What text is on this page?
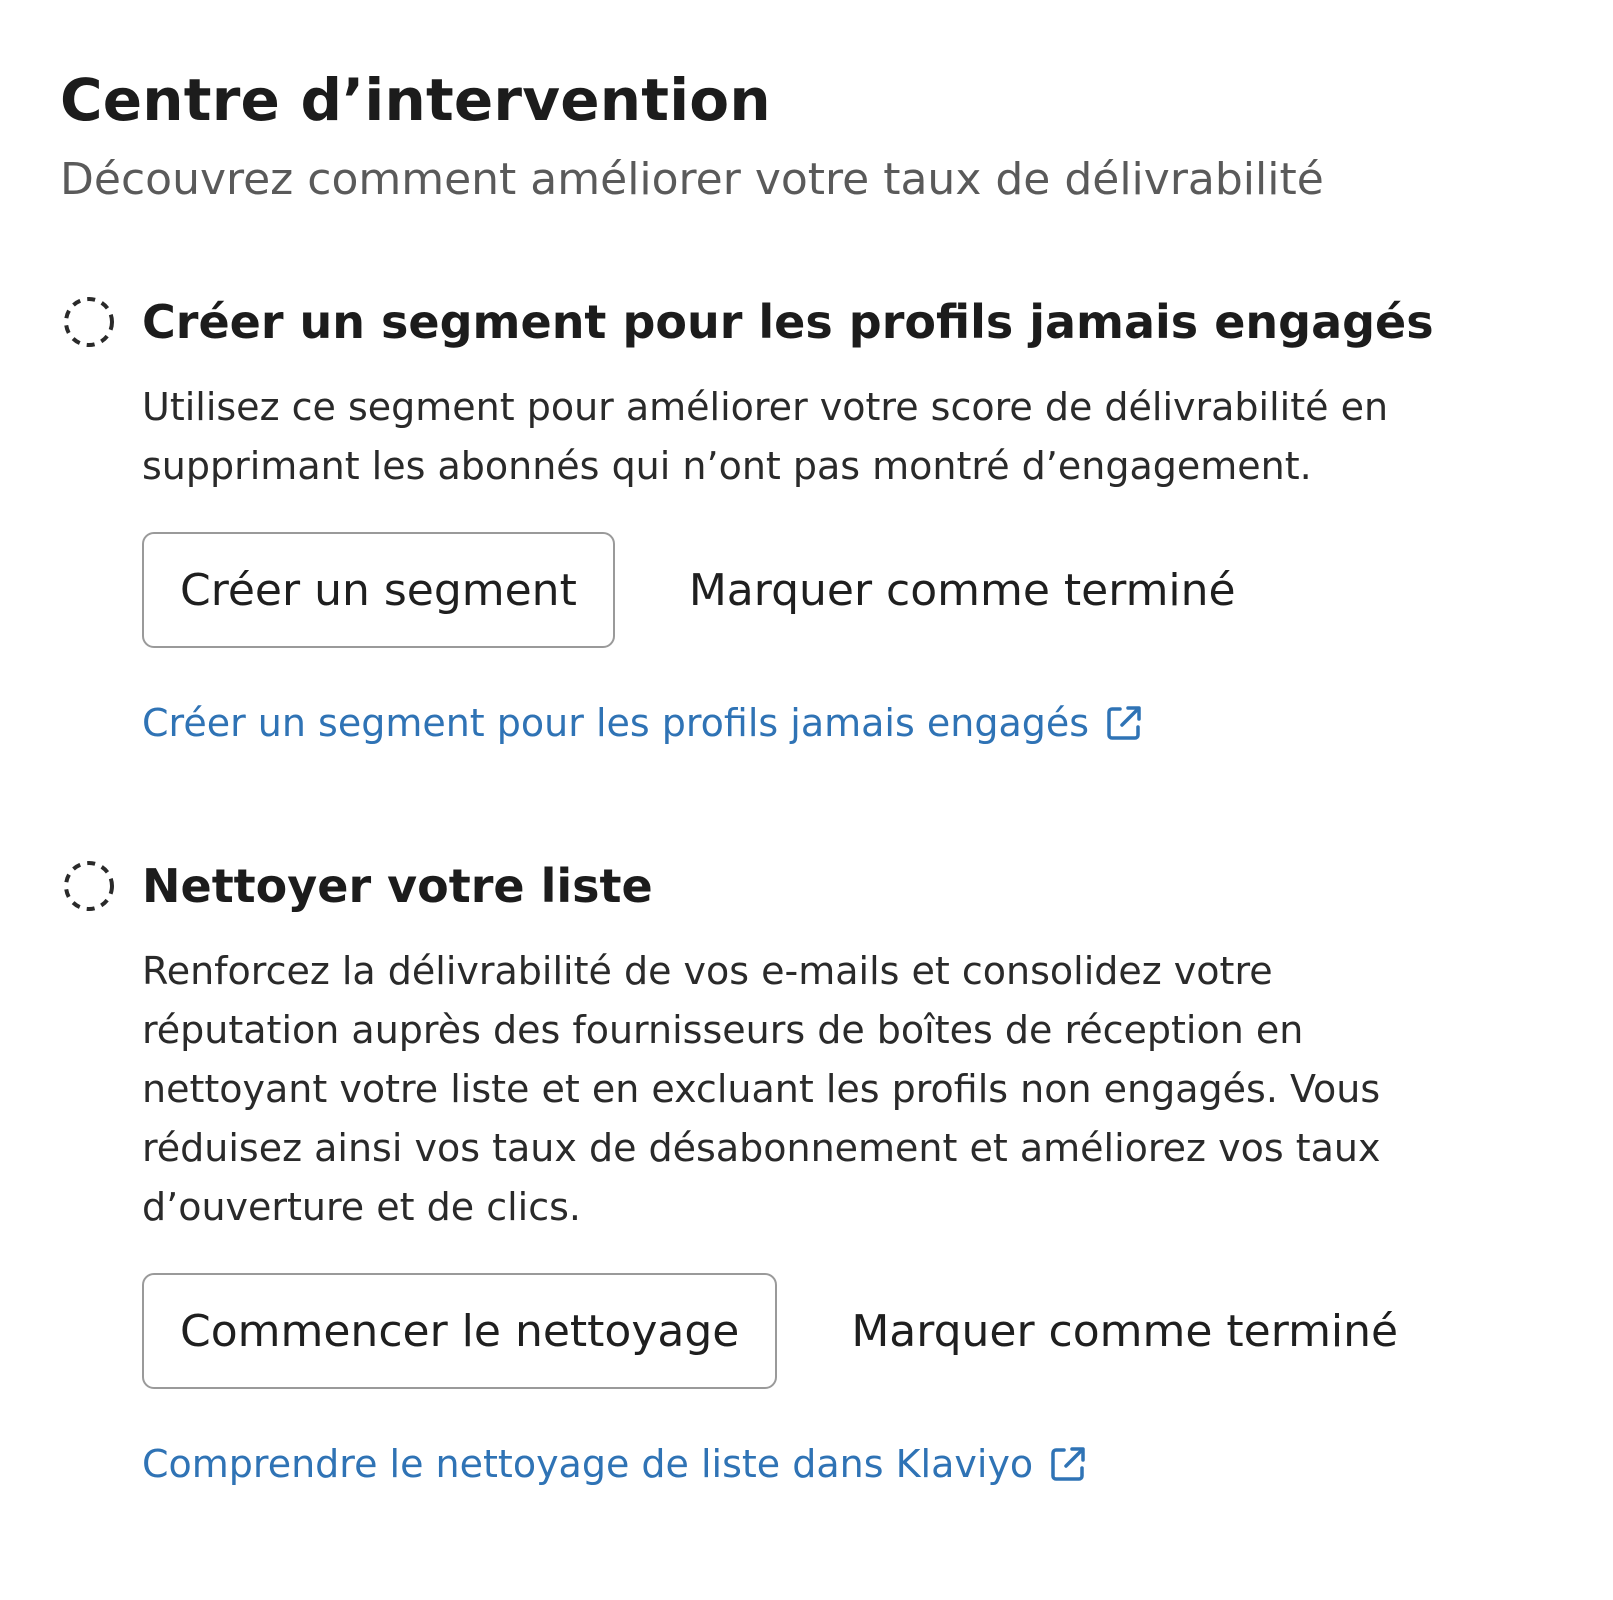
Centre d’intervention

Découvrez comment améliorer votre taux de délivrabilité

Créer un segment pour les profils jamais engagés

Utilisez ce segment pour améliorer votre score de délivrabilité en supprimant les abonnés qui n’ont pas montré d’engagement.

Créer un segment	Marquer comme terminé
Créer un segment pour les profils jamais engagés
Nettoyer votre liste

Renforcez la délivrabilité de vos e-mails et consolidez votre réputation auprès des fournisseurs de boîtes de réception en nettoyant votre liste et en excluant les profils non engagés. Vous réduisez ainsi vos taux de désabonnement et améliorez vos taux d’ouverture et de clics.

Commencer le nettoyage	Marquer comme terminé
Comprendre le nettoyage de liste dans Klaviyo
